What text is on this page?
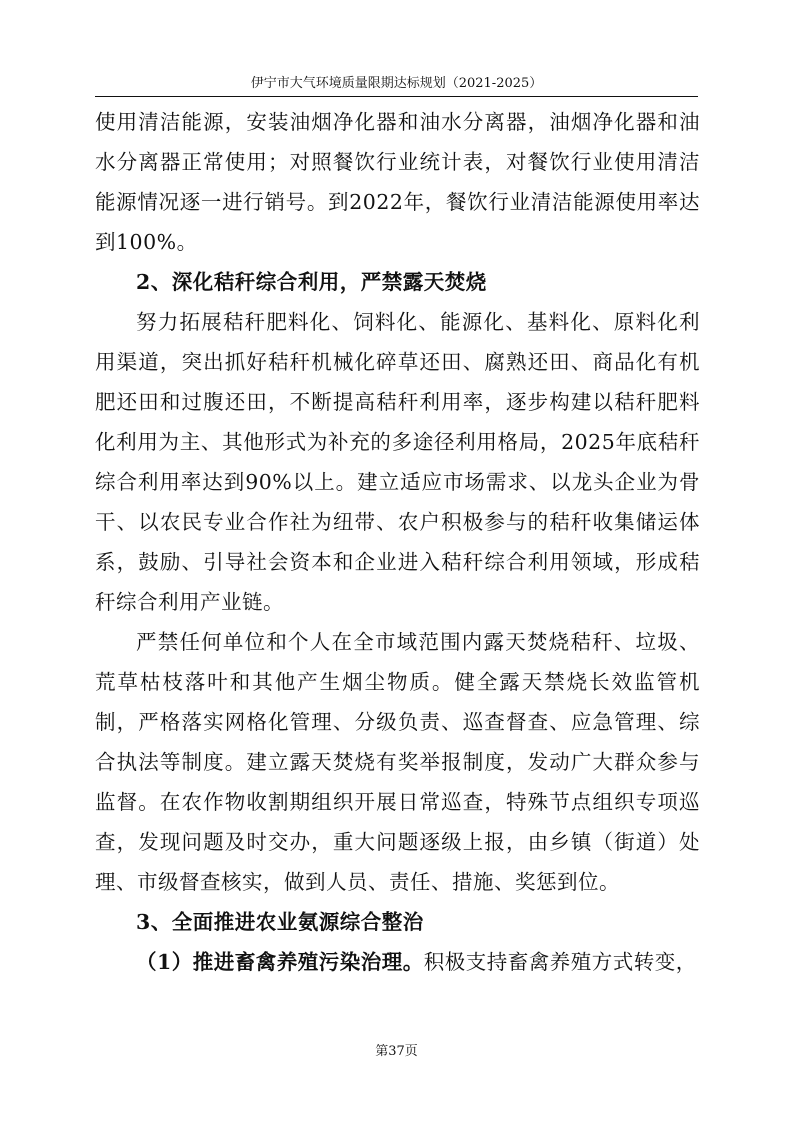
伊宁市大气环境质量限期达标规划（2021-2025）

使用清洁能源，安装油烟净化器和油水分离器，油烟净化器和油水分离器正常使用；对照餐饮行业统计表，对餐饮行业使用清洁能源情况逐一进行销号。到2022年，餐饮行业清洁能源使用率达到100%。

2、深化秸秆综合利用，严禁露天焚烧

努力拓展秸秆肥料化、饲料化、能源化、基料化、原料化利用渠道，突出抓好秸秆机械化碎草还田、腐熟还田、商品化有机肥还田和过腹还田，不断提高秸秆利用率，逐步构建以秸秆肥料化利用为主、其他形式为补充的多途径利用格局，2025年底秸秆综合利用率达到90%以上。建立适应市场需求、以龙头企业为骨干、以农民专业合作社为纽带、农户积极参与的秸秆收集储运体系，鼓励、引导社会资本和企业进入秸秆综合利用领域，形成秸秆综合利用产业链。

严禁任何单位和个人在全市域范围内露天焚烧秸秆、垃圾、荒草枯枝落叶和其他产生烟尘物质。健全露天禁烧长效监管机制，严格落实网格化管理、分级负责、巡查督查、应急管理、综合执法等制度。建立露天焚烧有奖举报制度，发动广大群众参与监督。在农作物收割期组织开展日常巡查，特殊节点组织专项巡查，发现问题及时交办，重大问题逐级上报，由乡镇（街道）处理、市级督查核实，做到人员、责任、措施、奖惩到位。

3、全面推进农业氨源综合整治

（1）推进畜禽养殖污染治理。积极支持畜禽养殖方式转变，

第37页
